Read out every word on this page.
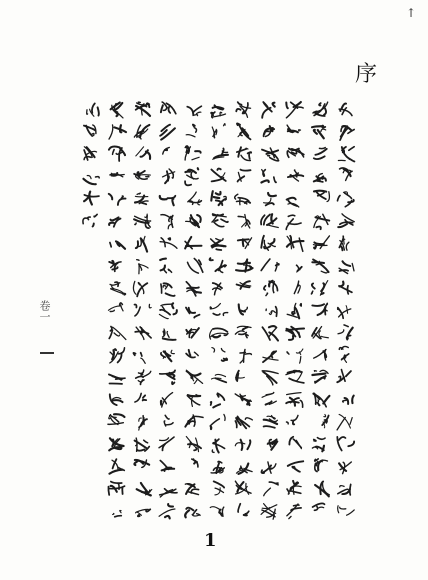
↑
序
卷一
1
